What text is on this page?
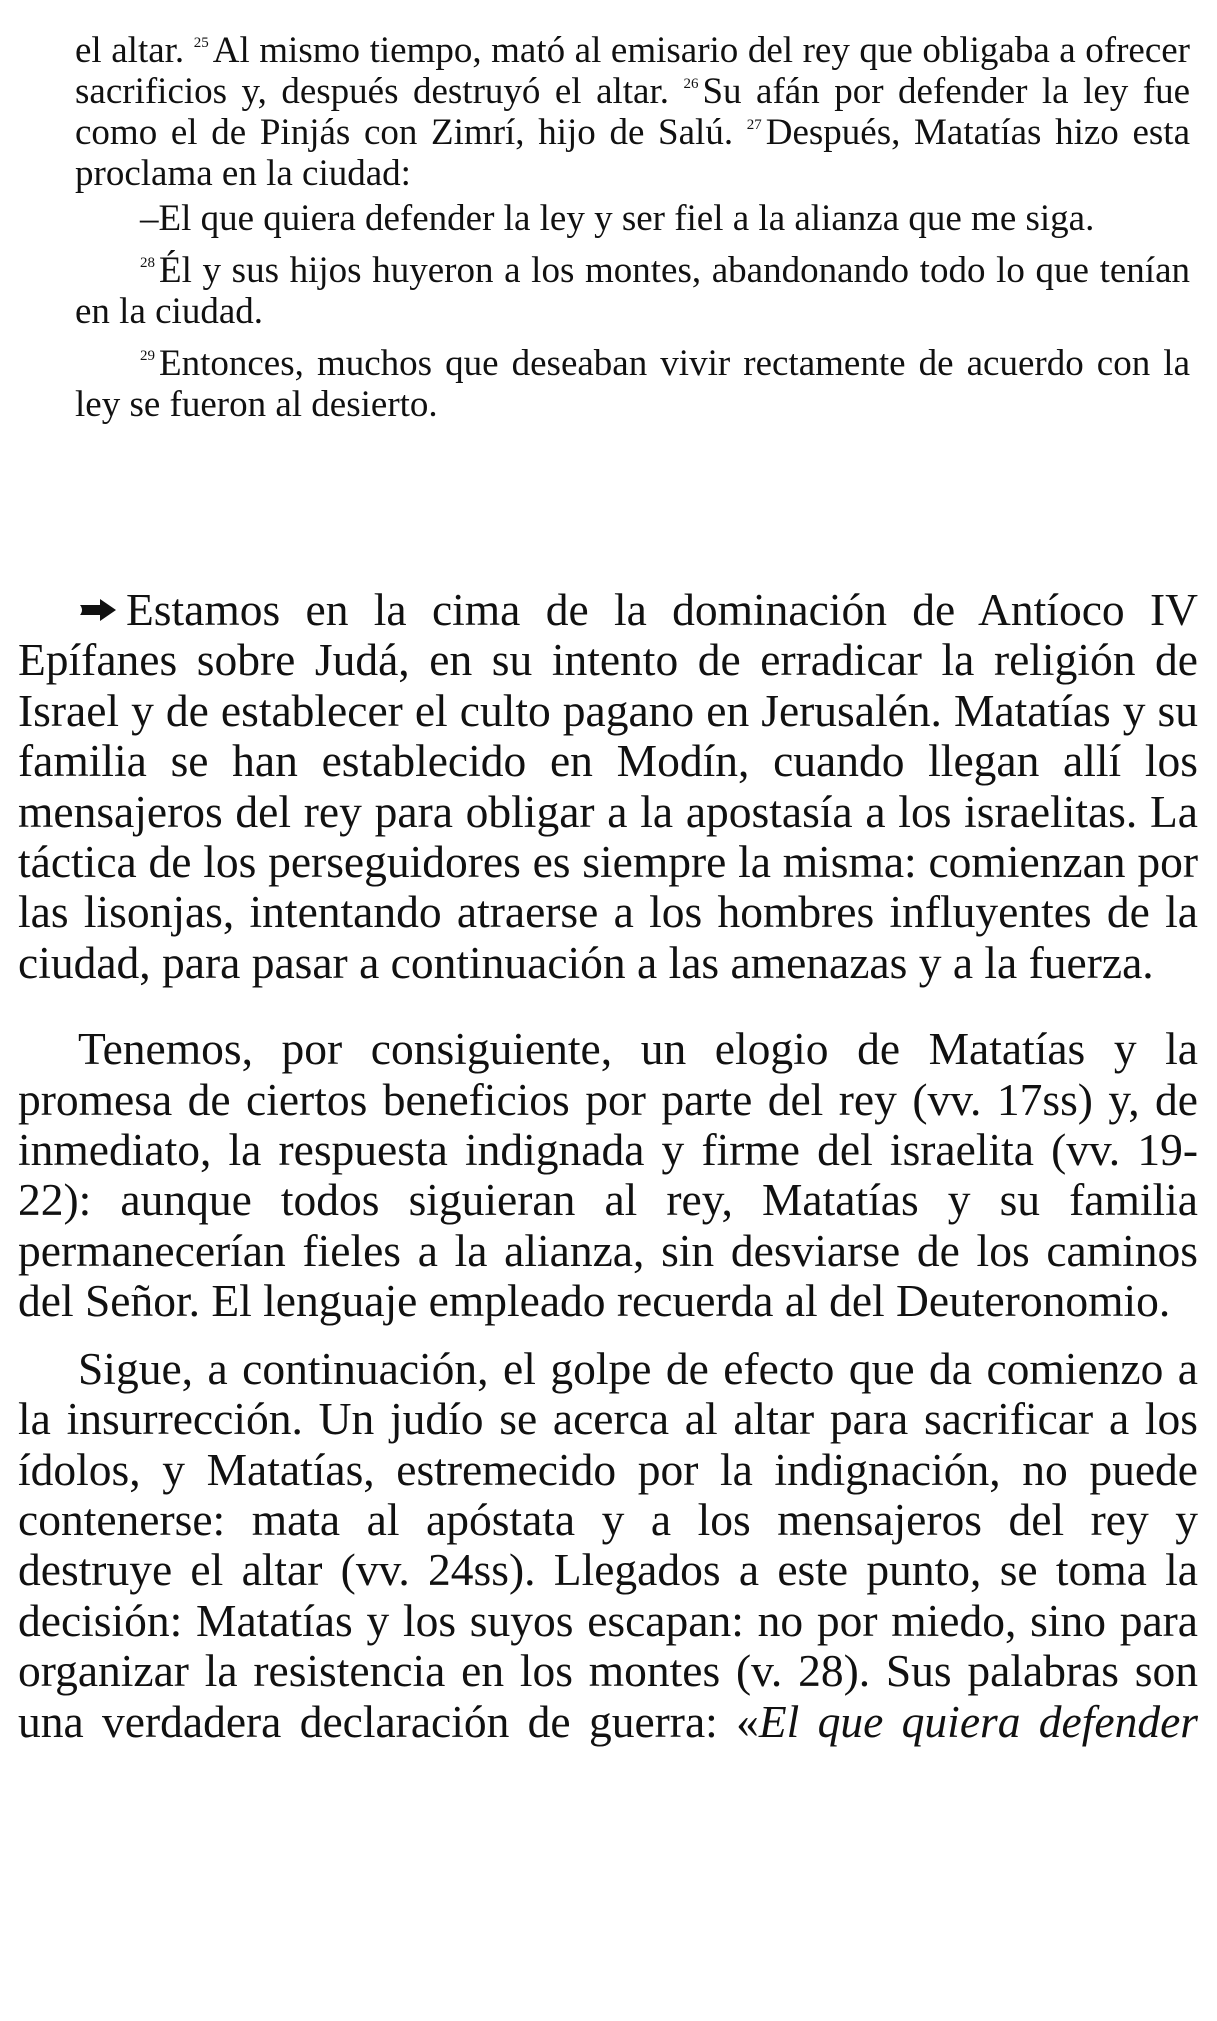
el altar. $^{25}$ Al mismo tiempo, mató al emisario del rey que obligaba a ofrecer sacrificios y, después destruyó el altar. $^{26}$ Su afán por defender la ley fue como el de Pinjás con Zimrí, hijo de Salú. $^{27}$ Después, Matatías hizo esta proclama en la ciudad:

–El que quiera defender la ley y ser fiel a la alianza que me siga.

$^{28}$ Él y sus hijos huyeron a los montes, abandonando todo lo que tenían en la ciudad.

$^{29}$ Entonces, muchos que deseaban vivir rectamente de acuerdo con la ley se fueron al desierto.

Estamos en la cima de la dominación de Antíoco IV Epífanes sobre Judá, en su intento de erradicar la religión de Israel y de establecer el culto pagano en Jerusalén. Matatías y su familia se han establecido en Modín, cuando llegan allí los mensajeros del rey para obligar a la apostasía a los israelitas. La táctica de los perseguidores es siempre la misma: comienzan por las lisonjas, intentando atraerse a los hombres influyentes de la ciudad, para pasar a continuación a las amenazas y a la fuerza.

Tenemos, por consiguiente, un elogio de Matatías y la promesa de ciertos beneficios por parte del rey (vv. 17ss) y, de inmediato, la respuesta indignada y firme del israelita (vv. 19-22): aunque todos siguieran al rey, Matatías y su familia permanecerían fieles a la alianza, sin desviarse de los caminos del Señor. El lenguaje empleado recuerda al del Deuteronomio.

Sigue, a continuación, el golpe de efecto que da comienzo a la insurrección. Un judío se acerca al altar para sacrificar a los ídolos, y Matatías, estremecido por la indignación, no puede contenerse: mata al apóstata y a los mensajeros del rey y destruye el altar (vv. 24ss). Llegados a este punto, se toma la decisión: Matatías y los suyos escapan: no por miedo, sino para organizar la resistencia en los montes (v. 28). Sus palabras son una verdadera declaración de guerra: «El que quiera defender
